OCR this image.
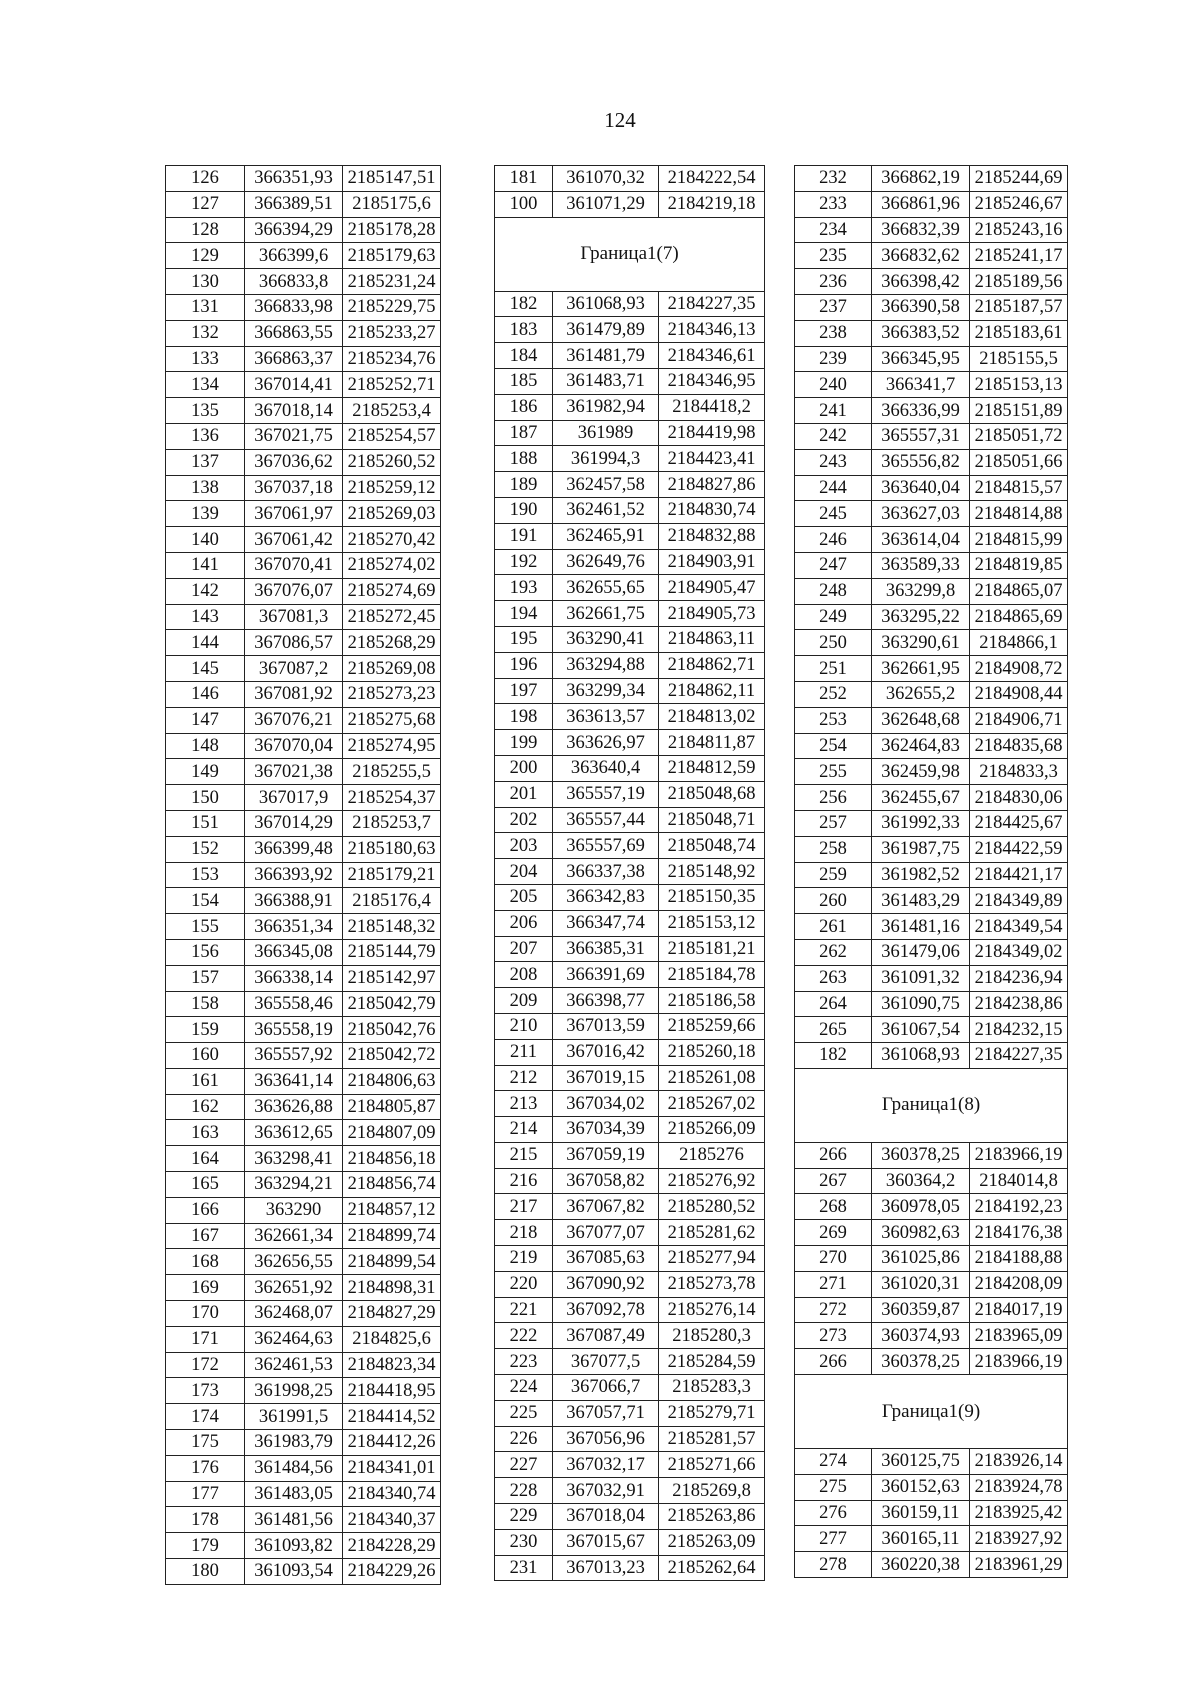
124
126	366351,93	2185147,51
127	366389,51	2185175,6
128	366394,29	2185178,28
129	366399,6	2185179,63
130	366833,8	2185231,24
131	366833,98	2185229,75
132	366863,55	2185233,27
133	366863,37	2185234,76
134	367014,41	2185252,71
135	367018,14	2185253,4
136	367021,75	2185254,57
137	367036,62	2185260,52
138	367037,18	2185259,12
139	367061,97	2185269,03
140	367061,42	2185270,42
141	367070,41	2185274,02
142	367076,07	2185274,69
143	367081,3	2185272,45
144	367086,57	2185268,29
145	367087,2	2185269,08
146	367081,92	2185273,23
147	367076,21	2185275,68
148	367070,04	2185274,95
149	367021,38	2185255,5
150	367017,9	2185254,37
151	367014,29	2185253,7
152	366399,48	2185180,63
153	366393,92	2185179,21
154	366388,91	2185176,4
155	366351,34	2185148,32
156	366345,08	2185144,79
157	366338,14	2185142,97
158	365558,46	2185042,79
159	365558,19	2185042,76
160	365557,92	2185042,72
161	363641,14	2184806,63
162	363626,88	2184805,87
163	363612,65	2184807,09
164	363298,41	2184856,18
165	363294,21	2184856,74
166	363290	2184857,12
167	362661,34	2184899,74
168	362656,55	2184899,54
169	362651,92	2184898,31
170	362468,07	2184827,29
171	362464,63	2184825,6
172	362461,53	2184823,34
173	361998,25	2184418,95
174	361991,5	2184414,52
175	361983,79	2184412,26
176	361484,56	2184341,01
177	361483,05	2184340,74
178	361481,56	2184340,37
179	361093,82	2184228,29
180	361093,54	2184229,26
181	361070,32	2184222,54
100	361071,29	2184219,18
Граница1(7)		
182	361068,93	2184227,35
183	361479,89	2184346,13
184	361481,79	2184346,61
185	361483,71	2184346,95
186	361982,94	2184418,2
187	361989	2184419,98
188	361994,3	2184423,41
189	362457,58	2184827,86
190	362461,52	2184830,74
191	362465,91	2184832,88
192	362649,76	2184903,91
193	362655,65	2184905,47
194	362661,75	2184905,73
195	363290,41	2184863,11
196	363294,88	2184862,71
197	363299,34	2184862,11
198	363613,57	2184813,02
199	363626,97	2184811,87
200	363640,4	2184812,59
201	365557,19	2185048,68
202	365557,44	2185048,71
203	365557,69	2185048,74
204	366337,38	2185148,92
205	366342,83	2185150,35
206	366347,74	2185153,12
207	366385,31	2185181,21
208	366391,69	2185184,78
209	366398,77	2185186,58
210	367013,59	2185259,66
211	367016,42	2185260,18
212	367019,15	2185261,08
213	367034,02	2185267,02
214	367034,39	2185266,09
215	367059,19	2185276
216	367058,82	2185276,92
217	367067,82	2185280,52
218	367077,07	2185281,62
219	367085,63	2185277,94
220	367090,92	2185273,78
221	367092,78	2185276,14
222	367087,49	2185280,3
223	367077,5	2185284,59
224	367066,7	2185283,3
225	367057,71	2185279,71
226	367056,96	2185281,57
227	367032,17	2185271,66
228	367032,91	2185269,8
229	367018,04	2185263,86
230	367015,67	2185263,09
231	367013,23	2185262,64
232	366862,19	2185244,69
233	366861,96	2185246,67
234	366832,39	2185243,16
235	366832,62	2185241,17
236	366398,42	2185189,56
237	366390,58	2185187,57
238	366383,52	2185183,61
239	366345,95	2185155,5
240	366341,7	2185153,13
241	366336,99	2185151,89
242	365557,31	2185051,72
243	365556,82	2185051,66
244	363640,04	2184815,57
245	363627,03	2184814,88
246	363614,04	2184815,99
247	363589,33	2184819,85
248	363299,8	2184865,07
249	363295,22	2184865,69
250	363290,61	2184866,1
251	362661,95	2184908,72
252	362655,2	2184908,44
253	362648,68	2184906,71
254	362464,83	2184835,68
255	362459,98	2184833,3
256	362455,67	2184830,06
257	361992,33	2184425,67
258	361987,75	2184422,59
259	361982,52	2184421,17
260	361483,29	2184349,89
261	361481,16	2184349,54
262	361479,06	2184349,02
263	361091,32	2184236,94
264	361090,75	2184238,86
265	361067,54	2184232,15
182	361068,93	2184227,35
Граница1(8)		
266	360378,25	2183966,19
267	360364,2	2184014,8
268	360978,05	2184192,23
269	360982,63	2184176,38
270	361025,86	2184188,88
271	361020,31	2184208,09
272	360359,87	2184017,19
273	360374,93	2183965,09
266	360378,25	2183966,19
Граница1(9)		
274	360125,75	2183926,14
275	360152,63	2183924,78
276	360159,11	2183925,42
277	360165,11	2183927,92
278	360220,38	2183961,29
